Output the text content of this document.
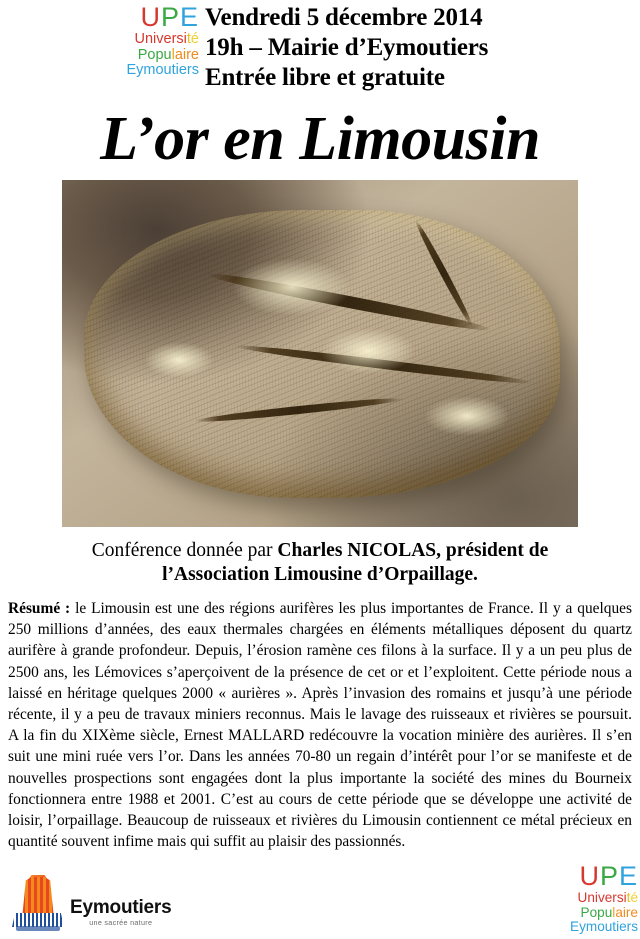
UPE
Université
Populaire
Eymoutiers
Vendredi 5 décembre 2014
19h – Mairie d’Eymoutiers
Entrée libre et gratuite
L’or en Limousin
Conférence donnée par Charles NICOLAS, président de l’Association Limousine d’Orpaillage.
Résumé : le Limousin est une des régions aurifères les plus importantes de France. Il y a quelques 250 millions d’années, des eaux thermales chargées en éléments métalliques déposent du quartz aurifère à grande profondeur. Depuis, l’érosion ramène ces filons à la surface. Il y a un peu plus de 2500 ans, les Lémovices s’aperçoivent de la présence de cet or et l’exploitent. Cette période nous a laissé en héritage quelques 2000 « aurières ». Après l’invasion des romains et jusqu’à une période récente, il y a peu de travaux miniers reconnus. Mais le lavage des ruisseaux et rivières se poursuit. A la fin du XIXème siècle, Ernest MALLARD redécouvre la vocation minière des aurières. Il s’en suit une mini ruée vers l’or. Dans les années 70-80 un regain d’intérêt pour l’or se manifeste et de nouvelles prospections sont engagées dont la plus importante la société des mines du Bourneix fonctionnera entre 1988 et 2001. C’est au cours de cette période que se développe une activité de loisir, l’orpaillage. Beaucoup de ruisseaux et rivières du Limousin contiennent ce métal précieux en quantité souvent infime mais qui suffit au plaisir des passionnés.
Eymoutiers
une sacrée nature
UPE
Université
Populaire
Eymoutiers
